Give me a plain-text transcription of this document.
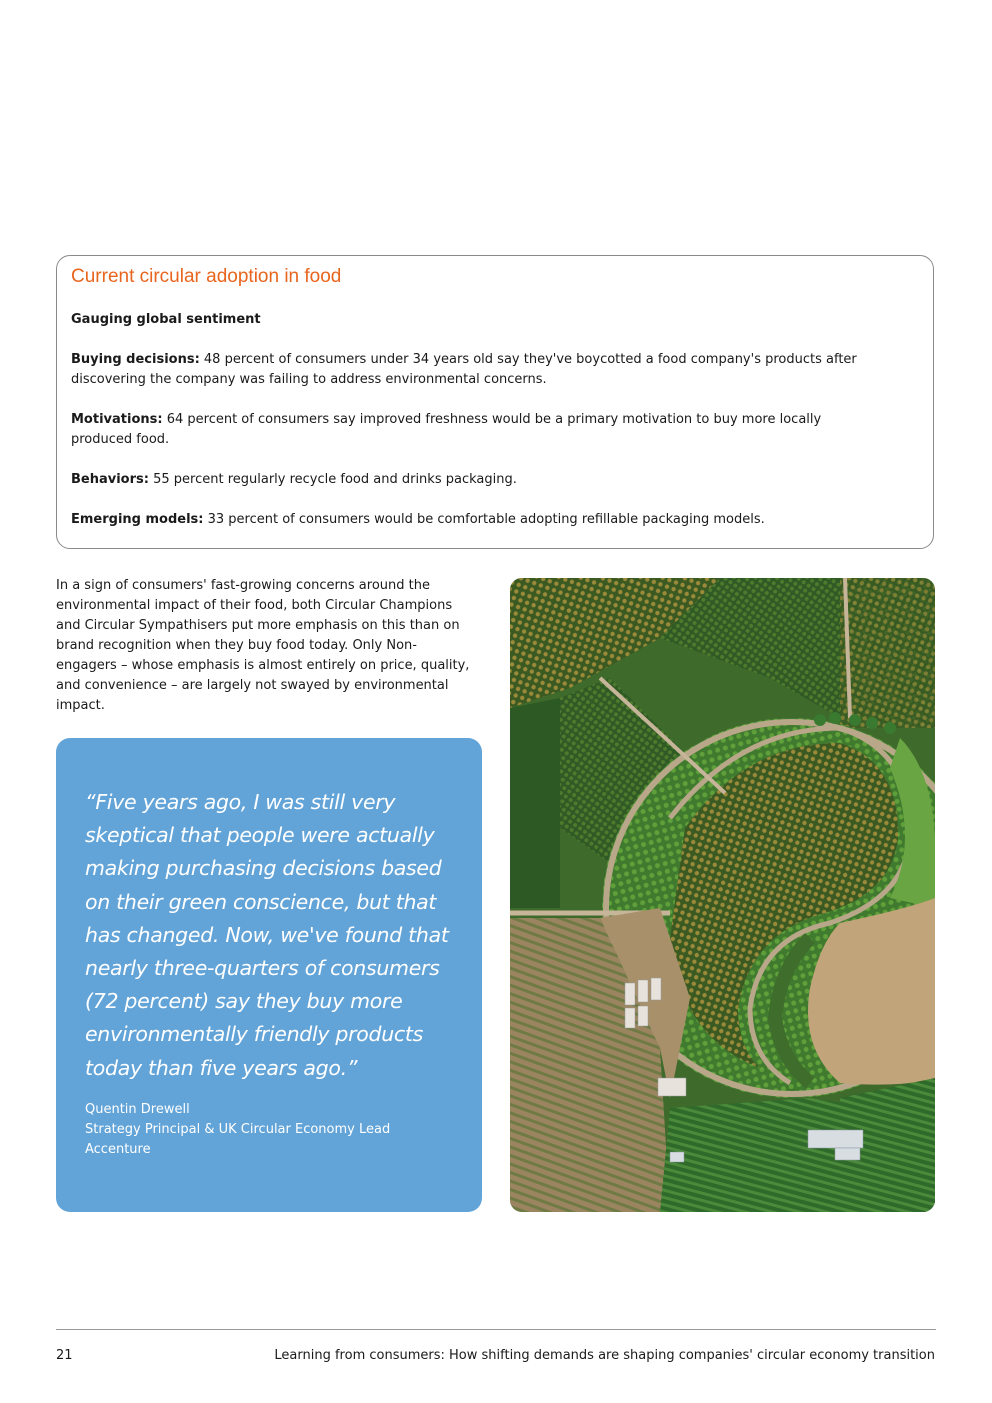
Current circular adoption in food
Gauging global sentiment
Buying decisions: 48 percent of consumers under 34 years old say they've boycotted a food company's products after discovering the company was failing to address environmental concerns.
Motivations: 64 percent of consumers say improved freshness would be a primary motivation to buy more locally produced food.
Behaviors: 55 percent regularly recycle food and drinks packaging.
Emerging models: 33 percent of consumers would be comfortable adopting refillable packaging models.
In a sign of consumers' fast-growing concerns around the environmental impact of their food, both Circular Champions and Circular Sympathisers put more emphasis on this than on brand recognition when they buy food today. Only Non-engagers – whose emphasis is almost entirely on price, quality, and convenience – are largely not swayed by environmental impact.
“Five years ago, I was still very skeptical that people were actually making purchasing decisions based on their green conscience, but that has changed. Now, we've found that nearly three-quarters of consumers (72 percent) say they buy more environmentally friendly products today than five years ago.”
Quentin Drewell
Strategy Principal & UK Circular Economy Lead
Accenture
21	Learning from consumers: How shifting demands are shaping companies' circular economy transition
